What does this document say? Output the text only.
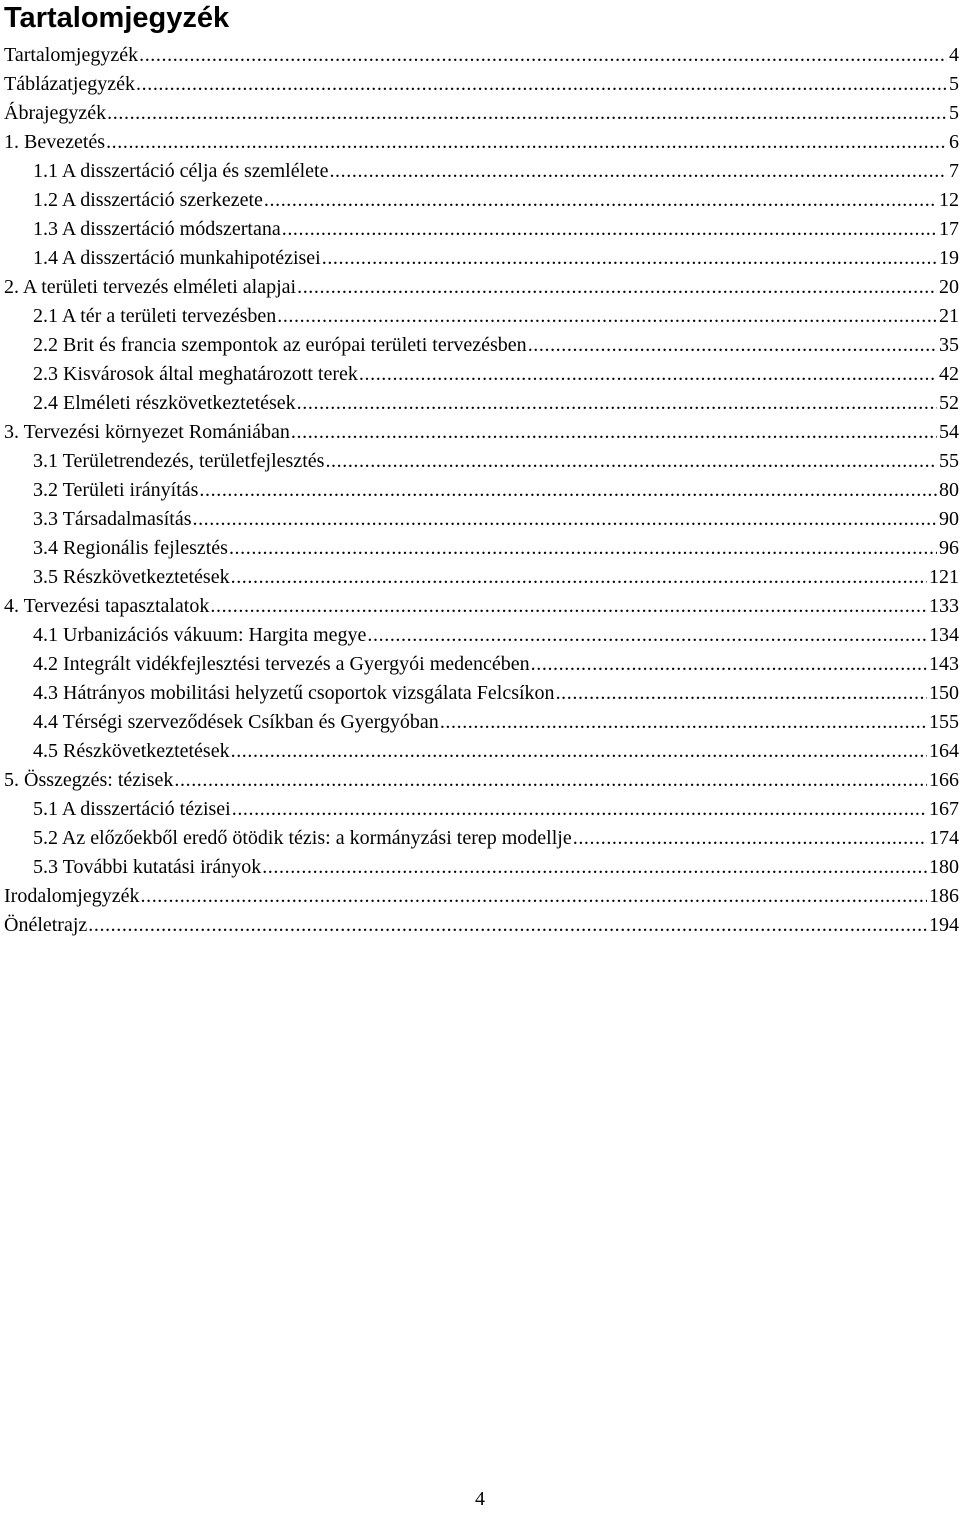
Tartalomjegyzék
Tartalomjegyzék .....	4
Táblázatjegyzék .....	5
Ábrajegyzék .....	5
1. Bevezetés .....	6
1.1 A disszertáció célja és szemlélete .....	7
1.2 A disszertáció szerkezete .....	12
1.3 A disszertáció módszertana .....	17
1.4 A disszertáció munkahipotézisei .....	19
2. A területi tervezés elméleti alapjai .....	20
2.1 A tér a területi tervezésben .....	21
2.2 Brit és francia szempontok az európai területi tervezésben .....	35
2.3 Kisvárosok által meghatározott terek .....	42
2.4 Elméleti részkövetkeztetések .....	52
3. Tervezési környezet Romániában .....	54
3.1 Területrendezés, területfejlesztés .....	55
3.2 Területi irányítás .....	80
3.3 Társadalmasítás .....	90
3.4 Regionális fejlesztés .....	96
3.5 Részkövetkeztetések .....	121
4. Tervezési tapasztalatok .....	133
4.1 Urbanizációs vákuum: Hargita megye .....	134
4.2 Integrált vidékfejlesztési tervezés a Gyergyói medencében .....	143
4.3 Hátrányos mobilitási helyzetű csoportok vizsgálata Felcsíkon .....	150
4.4 Térségi szerveződések Csíkban és Gyergyóban .....	155
4.5 Részkövetkeztetések .....	164
5. Összegzés: tézisek .....	166
5.1 A disszertáció tézisei .....	167
5.2 Az előzőekből eredő ötödik tézis: a kormányzási terep modellje .....	174
5.3 További kutatási irányok .....	180
Irodalomjegyzék .....	186
Önéletrajz .....	194
4
